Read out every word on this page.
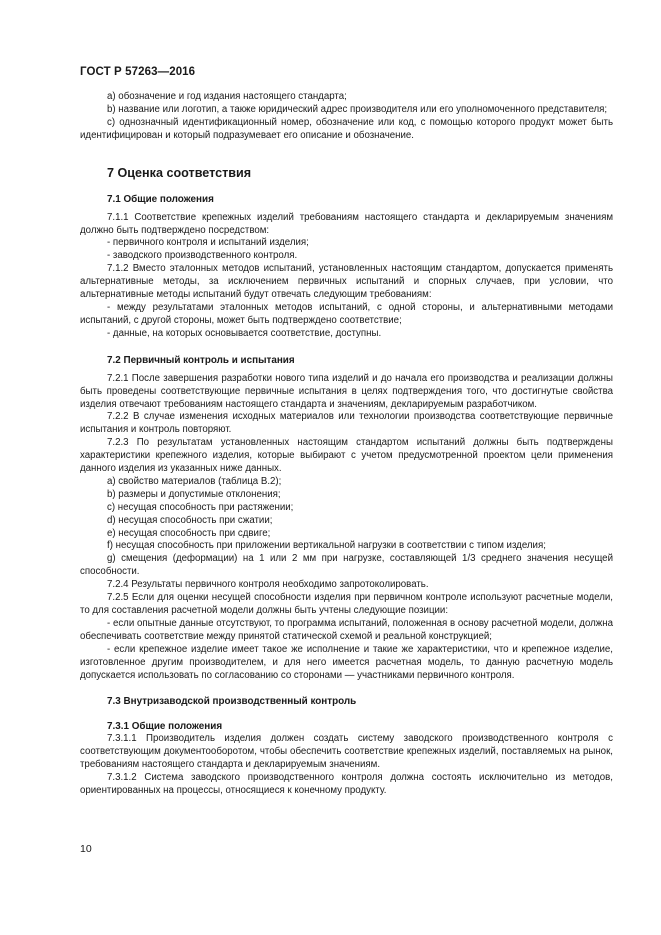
ГОСТ Р 57263—2016

a) обозначение и год издания настоящего стандарта;

b) название или логотип, а также юридический адрес производителя или его уполномоченного представителя;

c) однозначный идентификационный номер, обозначение или код, с помощью которого продукт может быть идентифицирован и который подразумевает его описание и обозначение.

7 Оценка соответствия
7.1 Общие положения

7.1.1 Соответствие крепежных изделий требованиям настоящего стандарта и декларируемым значениям должно быть подтверждено посредством:

- первичного контроля и испытаний изделия;

- заводского производственного контроля.

7.1.2 Вместо эталонных методов испытаний, установленных настоящим стандартом, допускается применять альтернативные методы, за исключением первичных испытаний и спорных случаев, при условии, что альтернативные методы испытаний будут отвечать следующим требованиям:

- между результатами эталонных методов испытаний, с одной стороны, и альтернативными методами испытаний, с другой стороны, может быть подтверждено соответствие;

- данные, на которых основывается соответствие, доступны.

7.2 Первичный контроль и испытания

7.2.1 После завершения разработки нового типа изделий и до начала его производства и реализации должны быть проведены соответствующие первичные испытания в целях подтверждения того, что достигнутые свойства изделия отвечают требованиям настоящего стандарта и значениям, декларируемым разработчиком.

7.2.2 В случае изменения исходных материалов или технологии производства соответствующие первичные испытания и контроль повторяют.

7.2.3 По результатам установленных настоящим стандартом испытаний должны быть подтверждены характеристики крепежного изделия, которые выбирают с учетом предусмотренной проектом цели применения данного изделия из указанных ниже данных.

a) свойство материалов (таблица В.2);

b) размеры и допустимые отклонения;

c) несущая способность при растяжении;

d) несущая способность при сжатии;

e) несущая способность при сдвиге;

f) несущая способность при приложении вертикальной нагрузки в соответствии с типом изделия;

g) смещения (деформации) на 1 или 2 мм при нагрузке, составляющей 1/3 среднего значения несущей способности.

7.2.4 Результаты первичного контроля необходимо запротоколировать.

7.2.5 Если для оценки несущей способности изделия при первичном контроле используют расчетные модели, то для составления расчетной модели должны быть учтены следующие позиции:

- если опытные данные отсутствуют, то программа испытаний, положенная в основу расчетной модели, должна обеспечивать соответствие между принятой статической схемой и реальной конструкцией;

- если крепежное изделие имеет такое же исполнение и такие же характеристики, что и крепежное изделие, изготовленное другим производителем, и для него имеется расчетная модель, то данную расчетную модель допускается использовать по согласованию со сторонами — участниками первичного контроля.

7.3 Внутризаводской производственный контроль
7.3.1 Общие положения

7.3.1.1 Производитель изделия должен создать систему заводского производственного контроля с соответствующим документооборотом, чтобы обеспечить соответствие крепежных изделий, поставляемых на рынок, требованиям настоящего стандарта и декларируемым значениям.

7.3.1.2 Система заводского производственного контроля должна состоять исключительно из методов, ориентированных на процессы, относящиеся к конечному продукту.

10
